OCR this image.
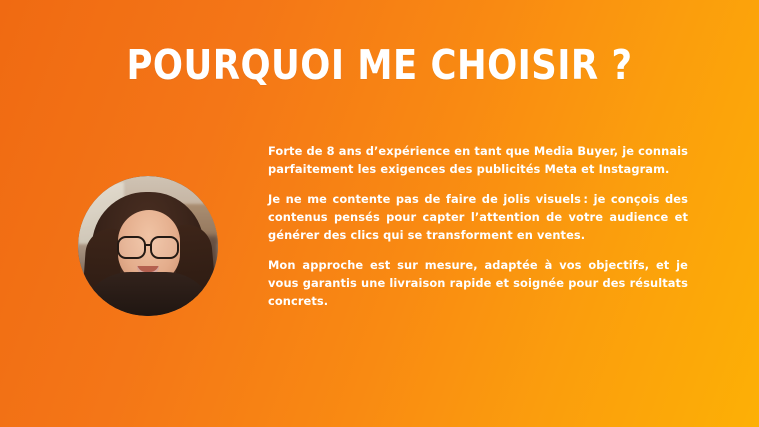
POURQUOI ME CHOISIR ?

Forte de 8 ans d’expérience en tant que Media Buyer, je connais parfaitement les exigences des publicités Meta et Instagram.

Je ne me contente pas de faire de jolis visuels : je conçois des contenus pensés pour capter l’attention de votre audience et générer des clics qui se transforment en ventes.

Mon approche est sur mesure, adaptée à vos objectifs, et je vous garantis une livraison rapide et soignée pour des résultats concrets.
